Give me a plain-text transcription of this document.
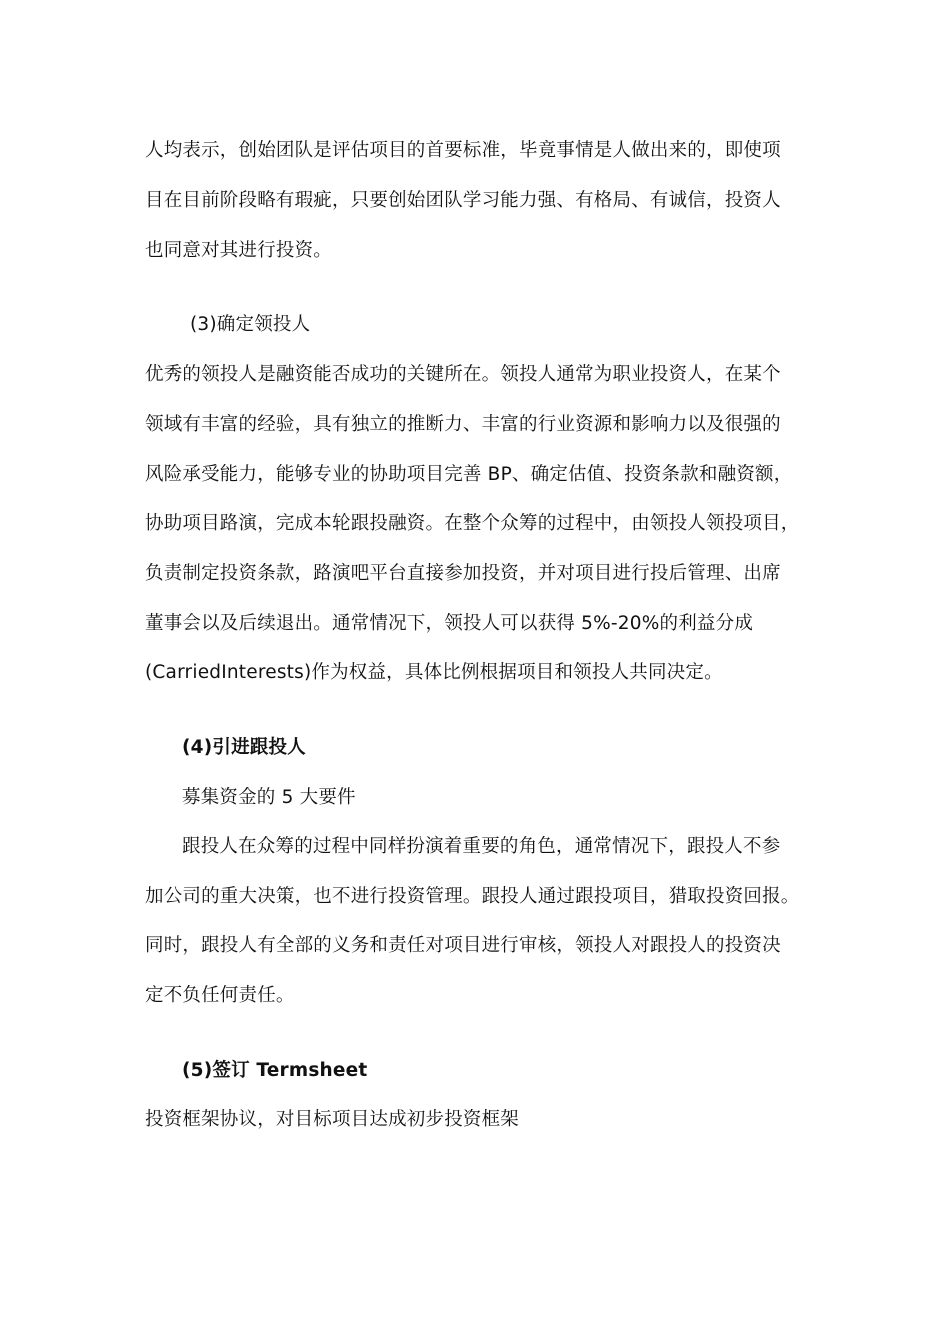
人均表示，创始团队是评估项目的首要标准，毕竟事情是人做出来的，即使项
目在目前阶段略有瑕疵，只要创始团队学习能力强、有格局、有诚信，投资人
也同意对其进行投资。
(3)确定领投人
优秀的领投人是融资能否成功的关键所在。领投人通常为职业投资人，在某个
领域有丰富的经验，具有独立的推断力、丰富的行业资源和影响力以及很强的
风险承受能力，能够专业的协助项目完善 BP、确定估值、投资条款和融资额，
协助项目路演，完成本轮跟投融资。在整个众筹的过程中，由领投人领投项目，
负责制定投资条款，路演吧平台直接参加投资，并对项目进行投后管理、出席
董事会以及后续退出。通常情况下，领投人可以获得 5%-20%的利益分成
(CarriedInterests)作为权益，具体比例根据项目和领投人共同决定。
(4)引进跟投人
募集资金的 5 大要件
跟投人在众筹的过程中同样扮演着重要的角色，通常情况下，跟投人不参
加公司的重大决策，也不进行投资管理。跟投人通过跟投项目，猎取投资回报。
同时，跟投人有全部的义务和责任对项目进行审核，领投人对跟投人的投资决
定不负任何责任。
(5)签订 Termsheet
投资框架协议，对目标项目达成初步投资框架
